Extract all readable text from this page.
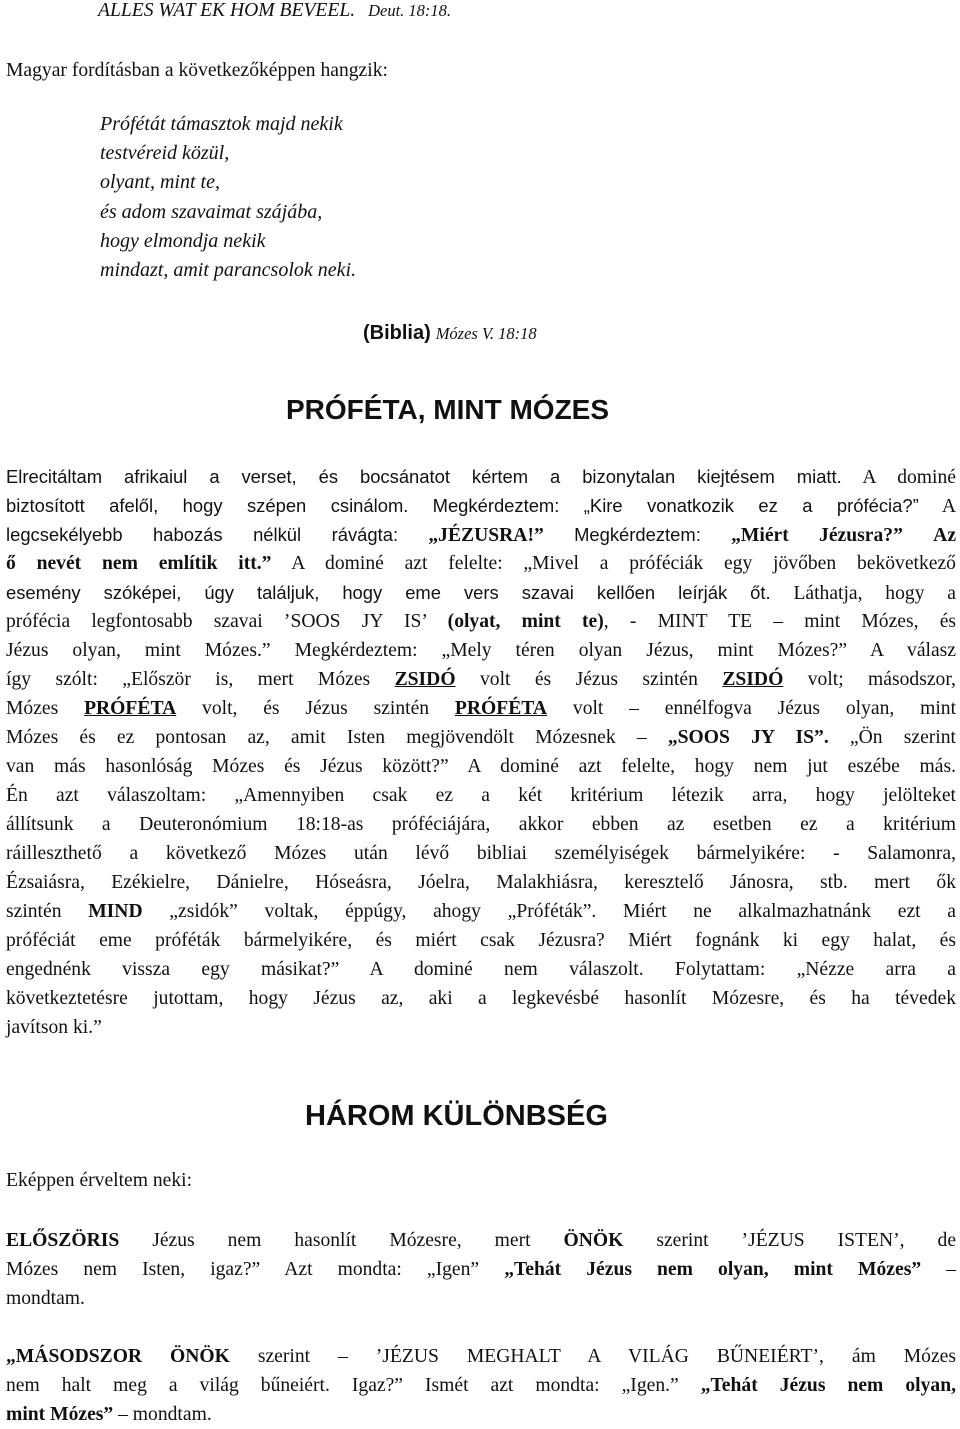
ALLES WAT EK HOM BEVEEL. Deut. 18:18.
Magyar fordításban a következőképpen hangzik:
Prófétát támasztok majd nekik
testvéreid közül,
olyant, mint te,
és adom szavaimat szájába,
hogy elmondja nekik
mindazt, amit parancsolok neki.
(Biblia) Mózes V. 18:18
PRÓFÉTA, MINT MÓZES
Elrecitáltam afrikaiul a verset, és bocsánatot kértem a bizonytalan kiejtésem miatt. A dominé
biztosított afelől, hogy szépen csinálom. Megkérdeztem: „Kire vonatkozik ez a prófécia?” A
legcsekélyebb habozás nélkül rávágta: „JÉZUSRA!” Megkérdeztem: „Miért Jézusra?” Az
ő nevét nem említik itt.” A dominé azt felelte: „Mivel a próféciák egy jövőben bekövetkező
esemény szóképei, úgy találjuk, hogy eme vers szavai kellően leírják őt. Láthatja, hogy a
prófécia legfontosabb szavai ’SOOS JY IS’ (olyat, mint te), - MINT TE – mint Mózes, és
Jézus olyan, mint Mózes.” Megkérdeztem: „Mely téren olyan Jézus, mint Mózes?” A válasz
így szólt: „Először is, mert Mózes ZSIDÓ volt és Jézus szintén ZSIDÓ volt; másodszor,
Mózes PRÓFÉTA volt, és Jézus szintén PRÓFÉTA volt – ennélfogva Jézus olyan, mint
Mózes és ez pontosan az, amit Isten megjövendölt Mózesnek – „SOOS JY IS”. „Ön szerint
van más hasonlóság Mózes és Jézus között?” A dominé azt felelte, hogy nem jut eszébe más.
Én azt válaszoltam: „Amennyiben csak ez a két kritérium létezik arra, hogy jelölteket
állítsunk a Deuteronómium 18:18-as próféciájára, akkor ebben az esetben ez a kritérium
ráilleszthető a következő Mózes után lévő bibliai személyiségek bármelyikére: - Salamonra,
Ézsaiásra, Ezékielre, Dánielre, Hóseásra, Jóelra, Malakhiásra, keresztelő Jánosra, stb. mert ők
szintén MIND „zsidók” voltak, éppúgy, ahogy „Próféták”. Miért ne alkalmazhatnánk ezt a
próféciát eme próféták bármelyikére, és miért csak Jézusra? Miért fognánk ki egy halat, és
engednénk vissza egy másikat?” A dominé nem válaszolt. Folytattam: „Nézze arra a
következtetésre jutottam, hogy Jézus az, aki a legkevésbé hasonlít Mózesre, és ha tévedek
javítson ki.”
HÁROM KÜLÖNBSÉG
Eképpen érveltem neki:
ELŐSZÖRIS Jézus nem hasonlít Mózesre, mert ÖNÖK szerint ’JÉZUS ISTEN’, de
Mózes nem Isten, igaz?” Azt mondta: „Igen” „Tehát Jézus nem olyan, mint Mózes” –
mondtam.
„MÁSODSZOR ÖNÖK szerint – ’JÉZUS MEGHALT A VILÁG BŰNEIÉRT’, ám Mózes
nem halt meg a világ bűneiért. Igaz?” Ismét azt mondta: „Igen.” „Tehát Jézus nem olyan,
mint Mózes” – mondtam.
